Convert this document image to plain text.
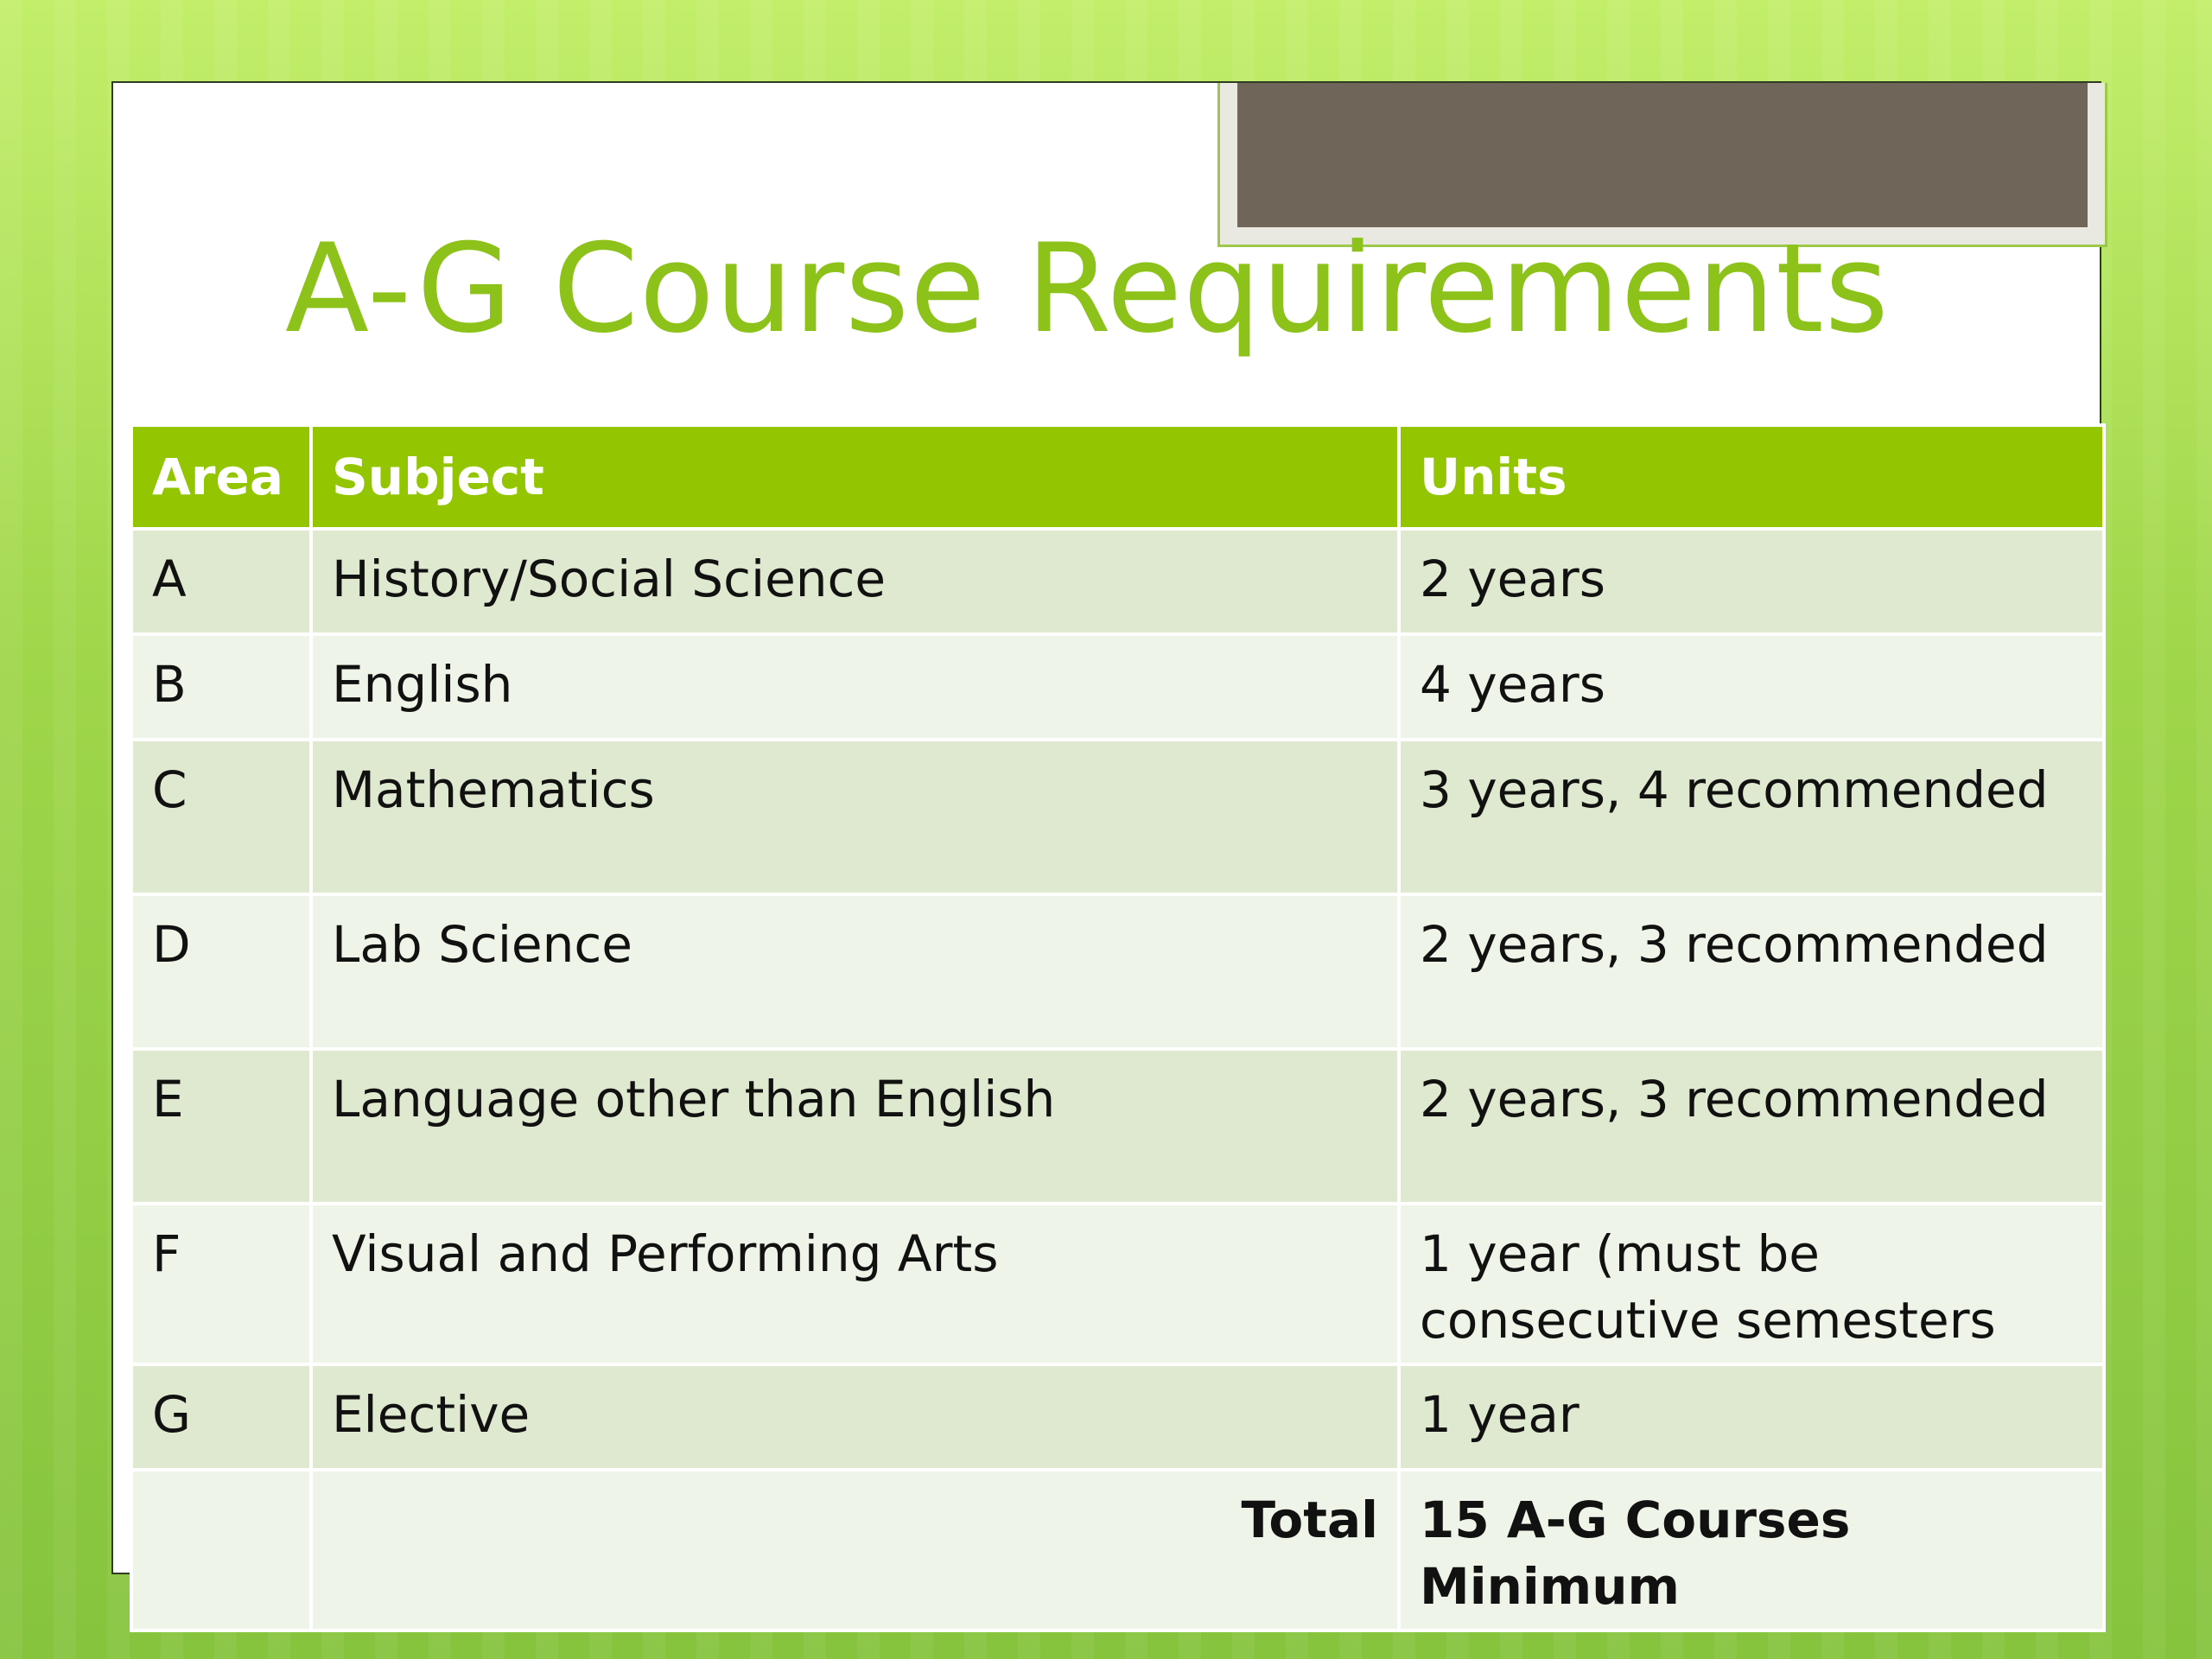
A-G Course Requirements
Area	Subject	Units
A	History/Social Science	2 years
B	English	4 years
C	Mathematics	3 years, 4 recommended
D	Lab Science	2 years, 3 recommended
E	Language other than English	2 years, 3 recommended
F	Visual and Performing Arts	1 year (must be consecutive semesters
G	Elective	1 year
	Total	15 A-G Courses Minimum
